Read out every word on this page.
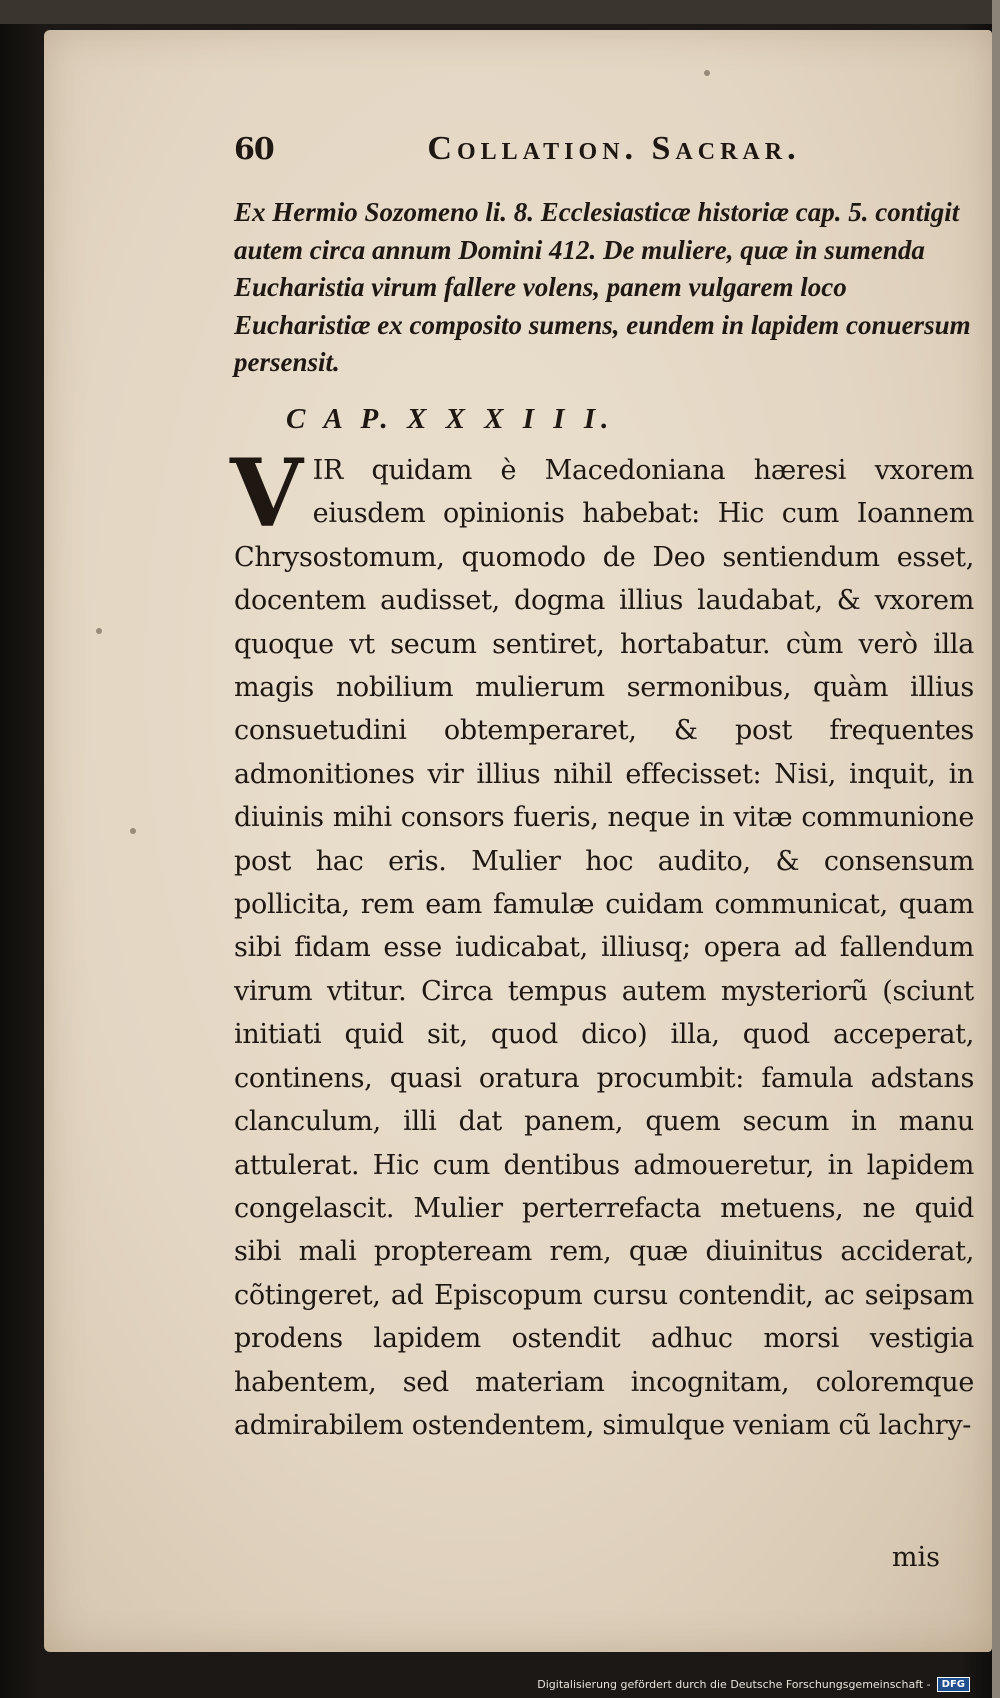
60	Collation. Sacrar.

Ex Hermio Sozomeno li. 8. Ecclesiasticæ historiæ cap. 5. contigit autem circa annum Domini 412. De muliere, quæ in sumenda Eucharistia virum fallere volens, panem vulgarem loco Eucharistiæ ex composito sumens, eundem in lapidem conuersum persensit.

C A P. X X X I I I.

VIR quidam è Macedoniana hæresi vxorem eiusdem opinionis habebat: Hic cum Ioannem Chrysostomum, quomodo de Deo sentiendum esset, docentem audisset, dogma illius laudabat, & vxorem quoque vt secum sentiret, hortabatur. cùm verò illa magis nobilium mulierum sermonibus, quàm illius consuetudini obtemperaret, & post frequentes admonitiones vir illius nihil effecisset: Nisi, inquit, in diuinis mihi consors fueris, neque in vitæ communione post hac eris. Mulier hoc audito, & consensum pollicita, rem eam famulæ cuidam communicat, quam sibi fidam esse iudicabat, illiusq; opera ad fallendum virum vtitur. Circa tempus autem mysteriorũ (sciunt initiati quid sit, quod dico) illa, quod acceperat, continens, quasi oratura procumbit: famula adstans clanculum, illi dat panem, quem secum in manu attulerat. Hic cum dentibus admoueretur, in lapidem congelascit. Mulier perterrefacta metuens, ne quid sibi mali propteream rem, quæ diuinitus acciderat, cõtingeret, ad Episcopum cursu contendit, ac seipsam prodens lapidem ostendit adhuc morsi vestigia habentem, sed materiam incognitam, coloremque admirabilem ostendentem, simulque veniam cũ lachry-

mis
Digitalisierung gefördert durch die Deutsche Forschungsgemeinschaft -	DFG
